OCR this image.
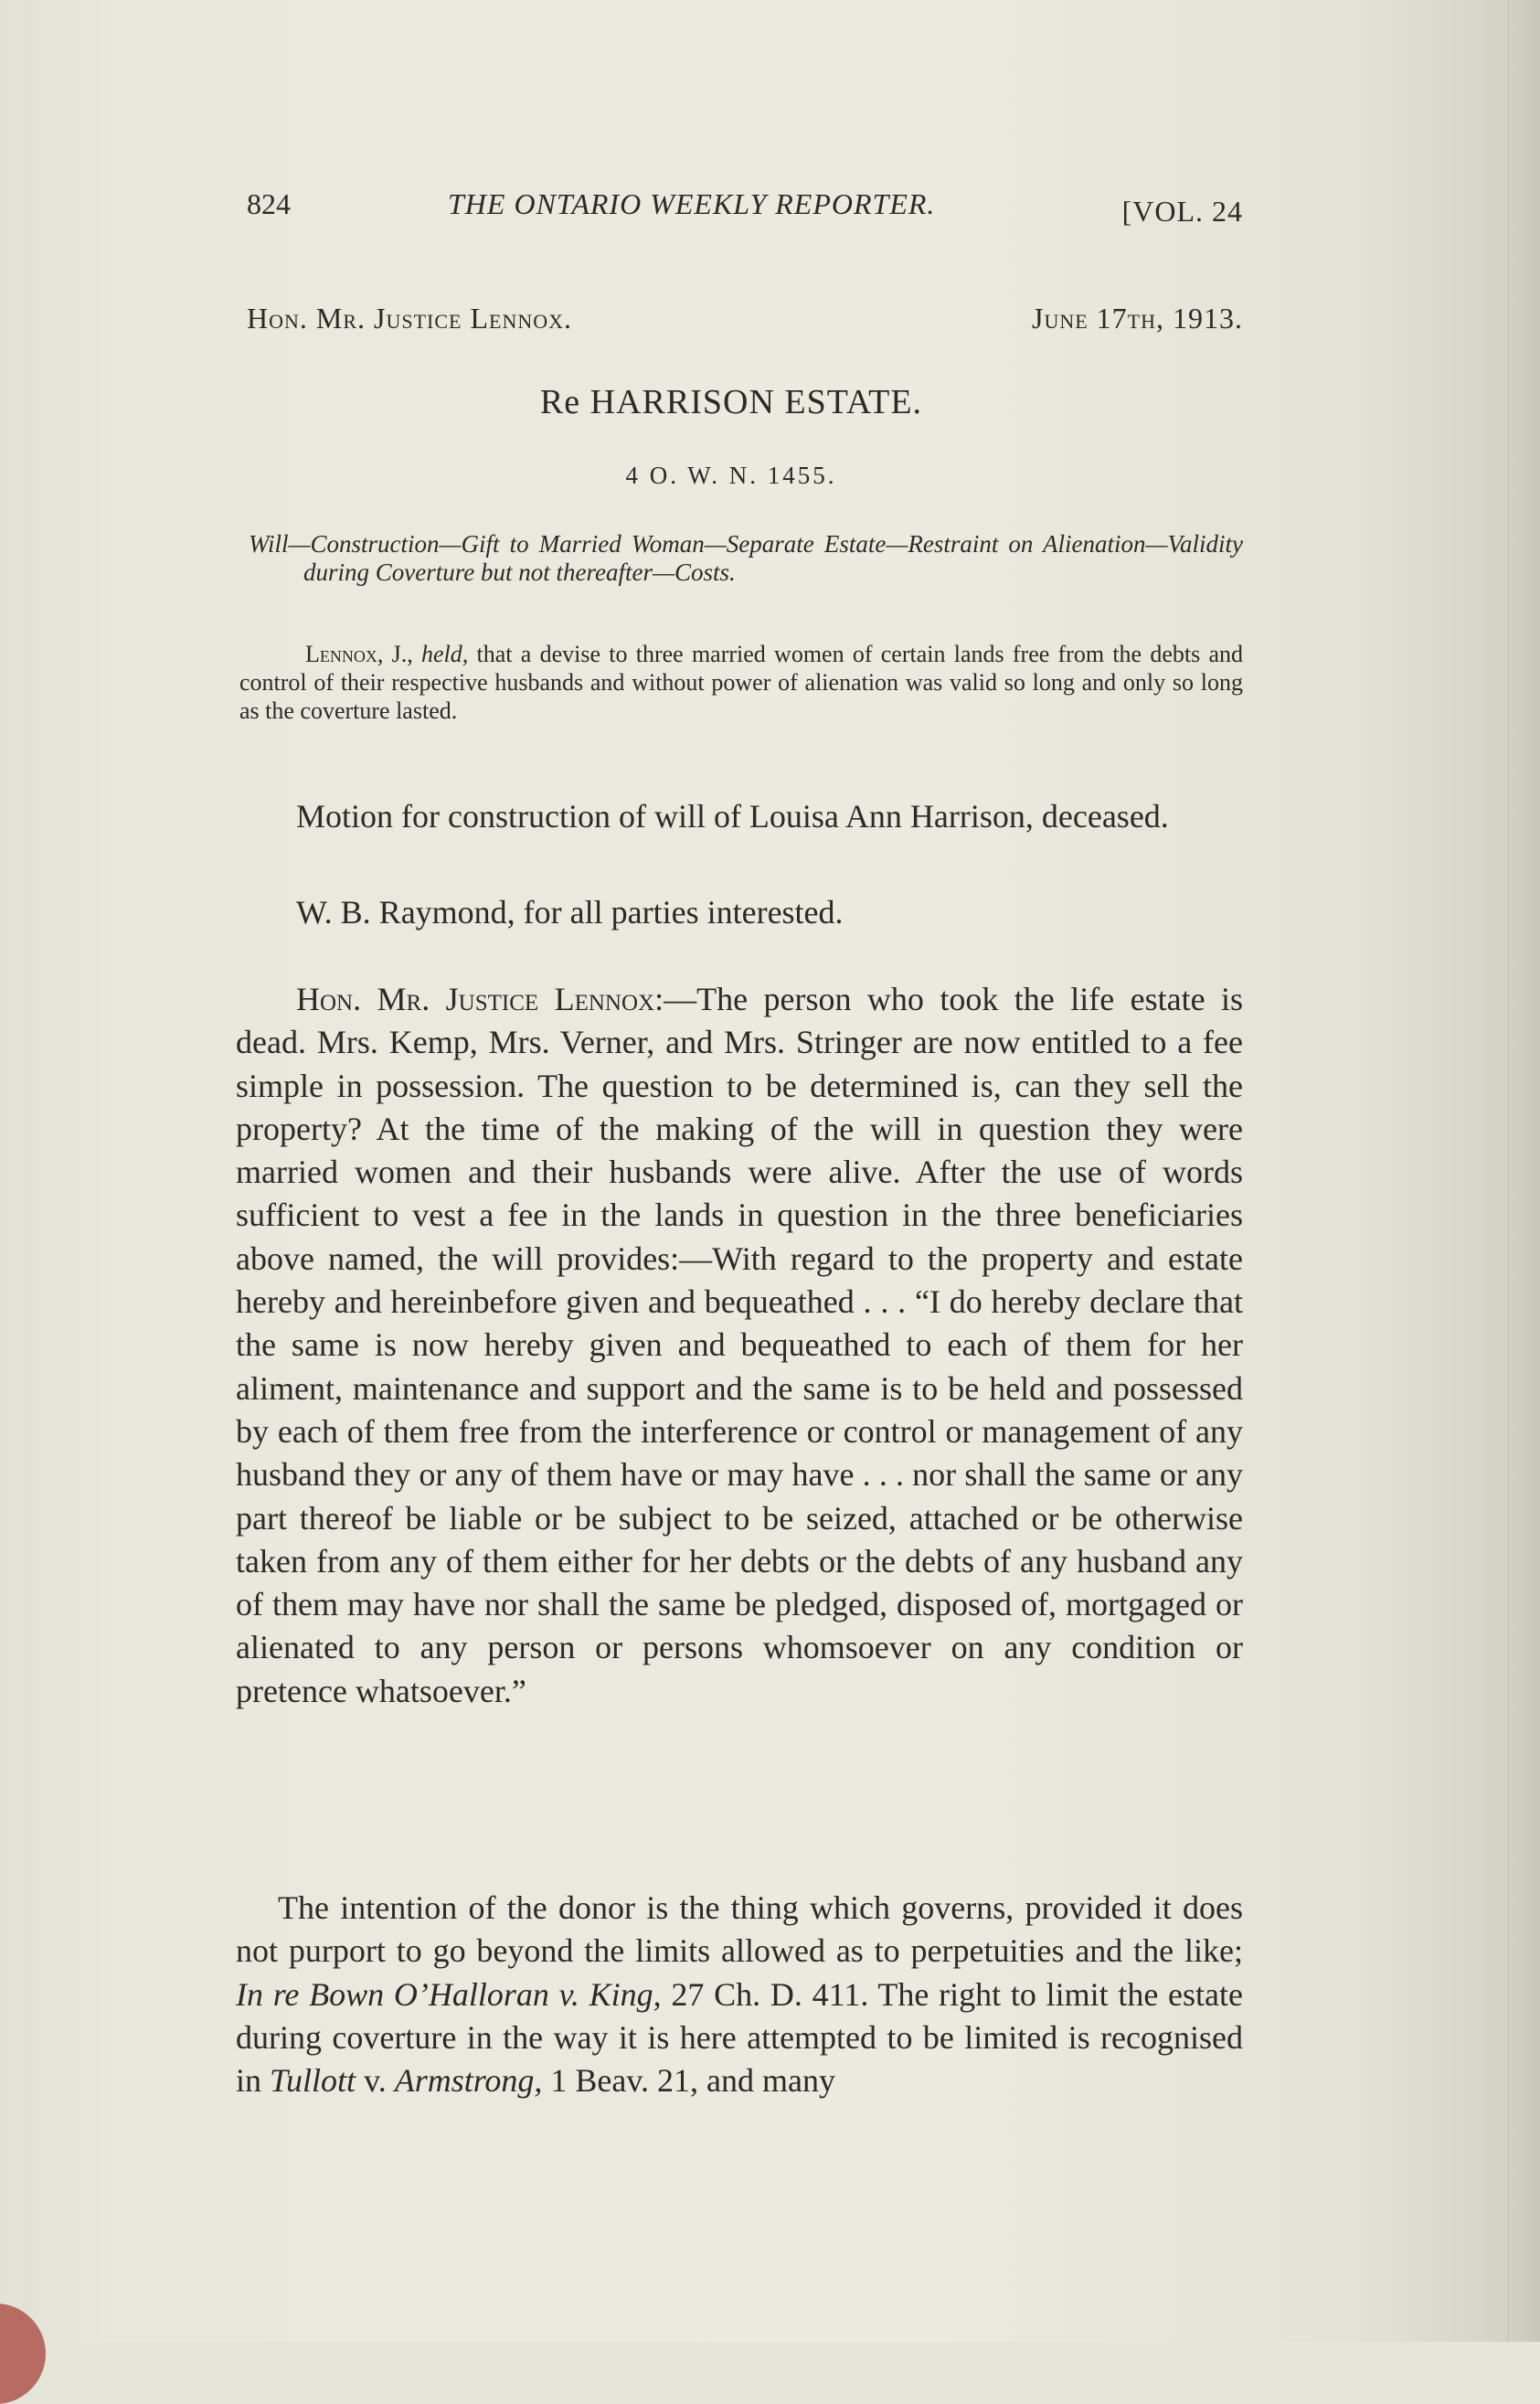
824	THE ONTARIO WEEKLY REPORTER.	[VOL. 24
Hon. Mr. Justice Lennox.	June 17th, 1913.
Re HARRISON ESTATE.
4 O. W. N. 1455.
Will—Construction—Gift to Married Woman—Separate Estate—Restraint on Alienation—Validity during Coverture but not thereafter—Costs.
Lennox, J., held, that a devise to three married women of certain lands free from the debts and control of their respective husbands and without power of alienation was valid so long and only so long as the coverture lasted.

Motion for construction of will of Louisa Ann Harrison, deceased.

W. B. Raymond, for all parties interested.

Hon. Mr. Justice Lennox:—The person who took the life estate is dead. Mrs. Kemp, Mrs. Verner, and Mrs. Stringer are now entitled to a fee simple in possession. The question to be determined is, can they sell the property? At the time of the making of the will in question they were married women and their husbands were alive. After the use of words sufficient to vest a fee in the lands in question in the three beneficiaries above named, the will provides:—With regard to the property and estate hereby and hereinbefore given and bequeathed . . . “I do hereby declare that the same is now hereby given and bequeathed to each of them for her aliment, maintenance and support and the same is to be held and possessed by each of them free from the interference or control or management of any husband they or any of them have or may have . . . nor shall the same or any part thereof be liable or be subject to be seized, attached or be otherwise taken from any of them either for her debts or the debts of any husband any of them may have nor shall the same be pledged, disposed of, mortgaged or alienated to any person or persons whomsoever on any condition or pretence whatsoever.”

The intention of the donor is the thing which governs, provided it does not purport to go beyond the limits allowed as to perpetuities and the like; In re Bown O’Halloran v. King, 27 Ch. D. 411. The right to limit the estate during coverture in the way it is here attempted to be limited is recognised in Tullott v. Armstrong, 1 Beav. 21, and many
